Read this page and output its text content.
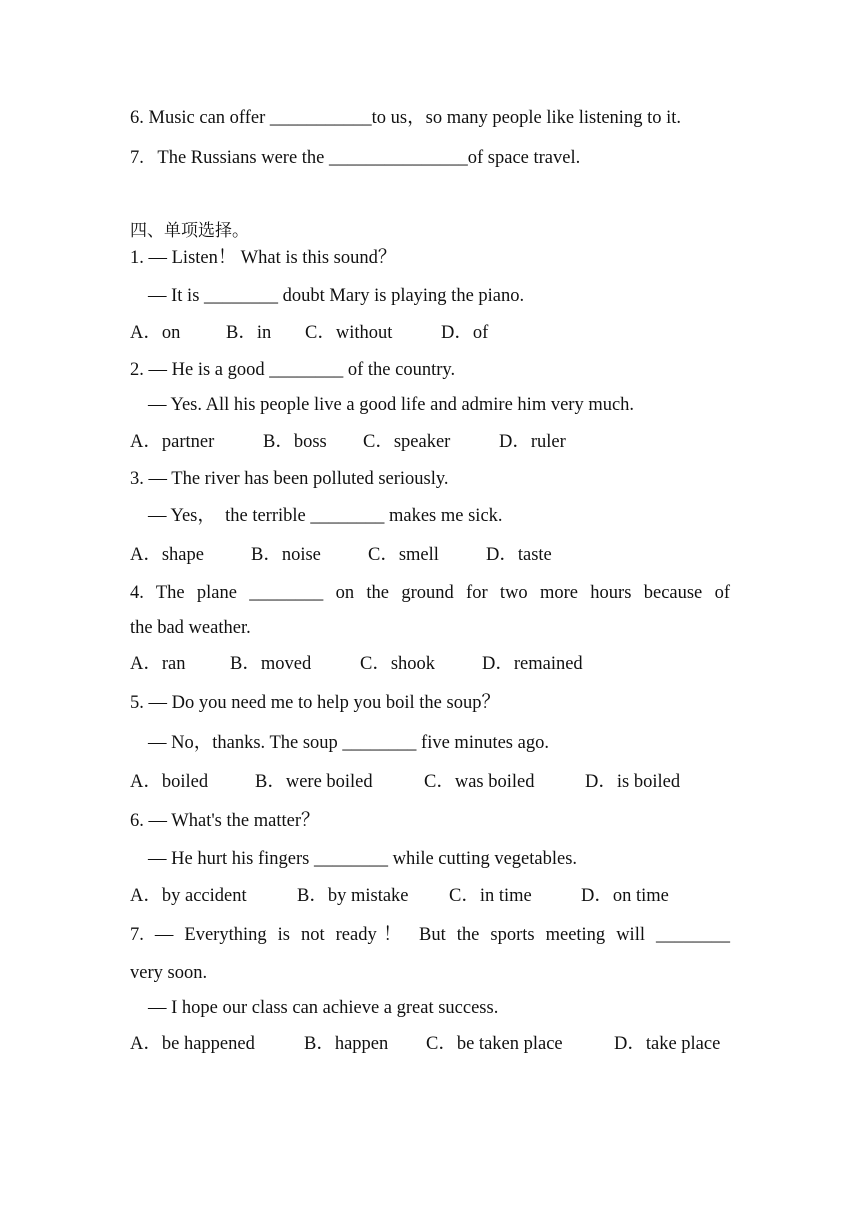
6. Music can offer ___________to us，so many people like listening to it.
7.   The Russians were the _______________of space travel.
四、单项选择。
1. — Listen！ What is this sound？
— It is ________ doubt Mary is playing the piano.

A．on

B．in

C．without

	D．of

2. — He is a good ________ of the country.
— Yes. All his people live a good life and admire him very much.

A．partner

	B．boss

C．speaker

	D．ruler

3. — The river has been polluted seriously.
— Yes，  the terrible ________ makes me sick.

A．shape

	B．noise

	C．smell

	D．taste

4. The plane ________ on the ground for two more hours because of
the bad weather.

A．ran

B．moved

	C．shook

	D．remained

5. — Do you need me to help you boil the soup？
— No，thanks. The soup ________ five minutes ago.

A．boiled

	B．were boiled

	C．was boiled

	D．is boiled

6. — What's the matter？
— He hurt his fingers ________ while cutting vegetables.

A．by accident

	B．by mistake

C．in time

	D．on time

7. — Everything is not ready！ But the sports meeting will ________
very soon.
— I hope our class can achieve a great success.

A．be happened

	B．happen

C．be taken place

	D．take place
